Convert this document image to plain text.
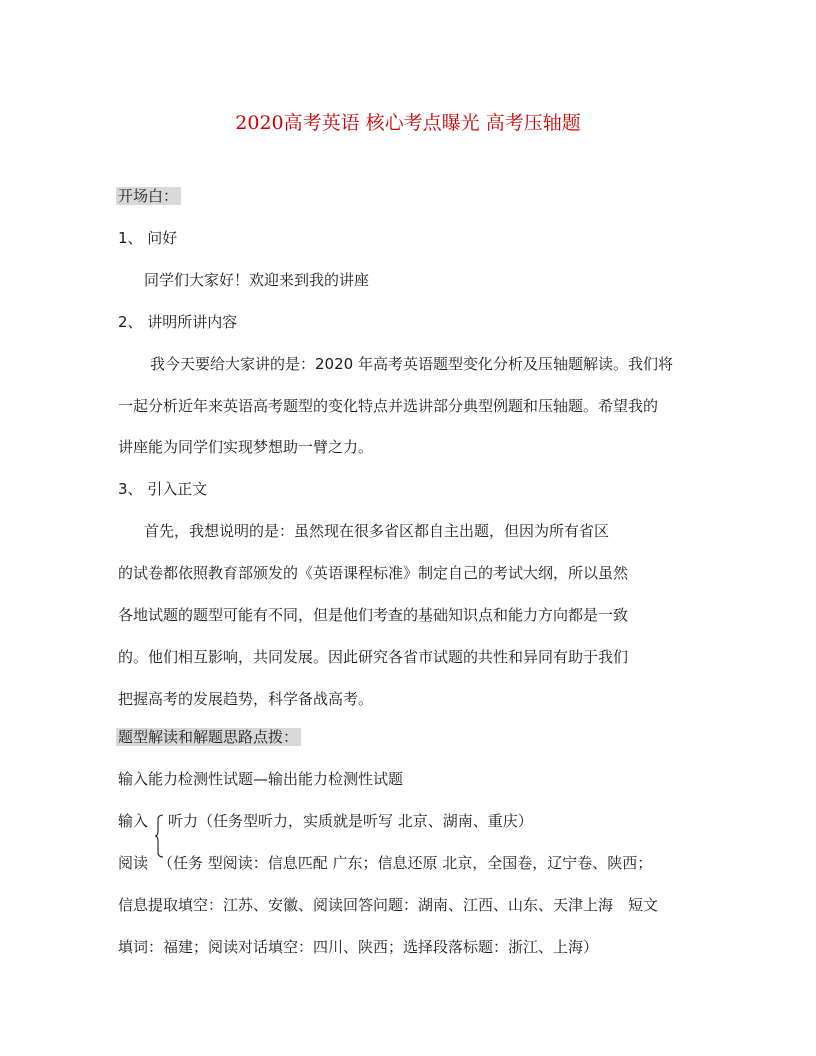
2020高考英语 核心考点曝光 高考压轴题
开场白：
1、 问好
同学们大家好！欢迎来到我的讲座
2、 讲明所讲内容
我今天要给大家讲的是：2020 年高考英语题型变化分析及压轴题解读。我们将
一起分析近年来英语高考题型的变化特点并选讲部分典型例题和压轴题。希望我的
讲座能为同学们实现梦想助一臂之力。
3、 引入正文
首先，我想说明的是：虽然现在很多省区都自主出题，但因为所有省区
的试卷都依照教育部颁发的《英语课程标准》制定自己的考试大纲，所以虽然
各地试题的题型可能有不同，但是他们考查的基础知识点和能力方向都是一致
的。他们相互影响，共同发展。因此研究各省市试题的共性和异同有助于我们
把握高考的发展趋势，科学备战高考。
题型解读和解题思路点拨：
输入能力检测性试题—输出能力检测性试题
输入 听力（任务型听力，实质就是听写 北京、湖南、重庆）
阅读 （任务 型阅读：信息匹配 广东；信息还原 北京，全国卷，辽宁卷、陕西；
信息提取填空：江苏、安徽、阅读回答问题：湖南、江西、山东、天津上海　短文
填词：福建；阅读对话填空：四川、陕西；选择段落标题：浙江、上海）
